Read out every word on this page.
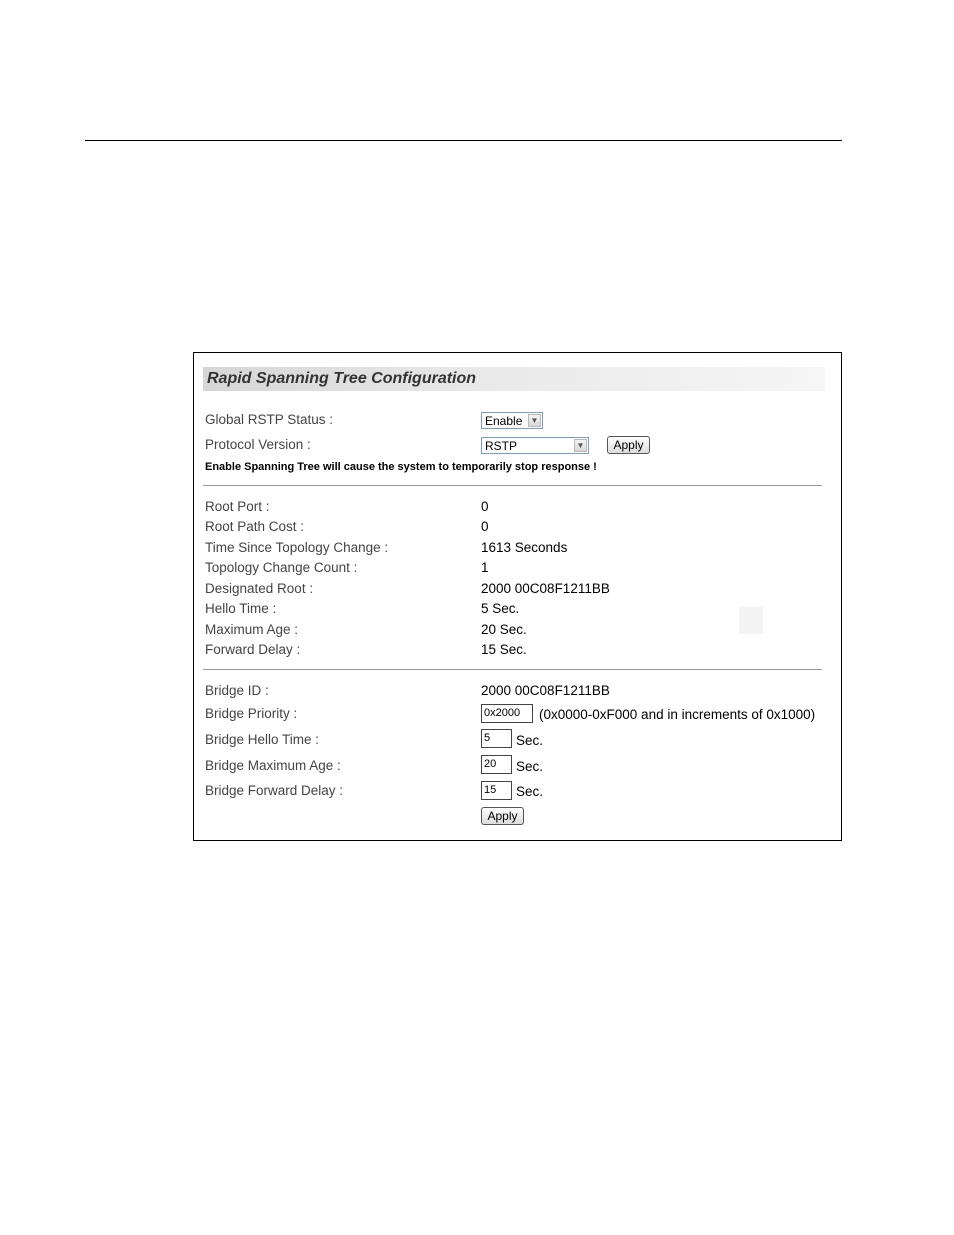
Rapid Spanning Tree Configuration
Global RSTP Status :	Enable	▼
Protocol Version :	RSTP	▼	Apply
Enable Spanning Tree will cause the system to temporarily stop response !
Root Port :	0
Root Path Cost :	0
Time Since Topology Change :	1613 Seconds
Topology Change Count :	1
Designated Root :	2000 00C08F1211BB
Hello Time :	5 Sec.
Maximum Age :	20 Sec.
Forward Delay :	15 Sec.
Bridge ID :	2000 00C08F1211BB
Bridge Priority :	0x2000	(0x0000-0xF000 and in increments of 0x1000)
Bridge Hello Time :	5	Sec.
Bridge Maximum Age :	20	Sec.
Bridge Forward Delay :	15	Sec.
Apply
